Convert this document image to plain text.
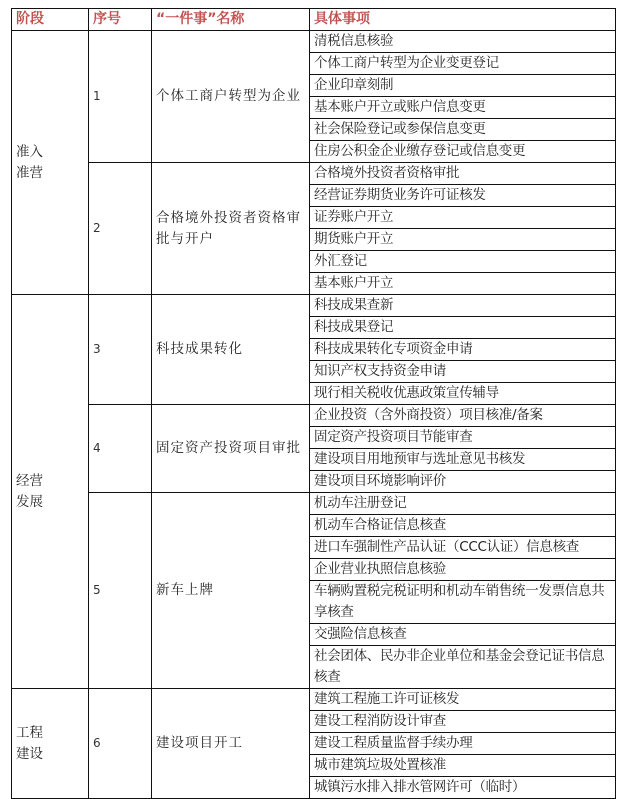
阶段	序号	“一件事”名称	具体事项

准入
准营	1	个体工商户转型为企业	清税信息核验
			个体工商户转型为企业变更登记
			企业印章刻制
			基本账户开立或账户信息变更
			社会保险登记或参保信息变更
			住房公积金企业缴存登记或信息变更
	2	合格境外投资者资格审批与开户	合格境外投资者资格审批
			经营证券期货业务许可证核发
			证券账户开立
			期货账户开立
			外汇登记
			基本账户开立

经营
发展	3	科技成果转化	科技成果查新
			科技成果登记
			科技成果转化专项资金申请
			知识产权支持资金申请
			现行相关税收优惠政策宣传辅导
	4	固定资产投资项目审批	企业投资（含外商投资）项目核准/备案
			固定资产投资项目节能审查
			建设项目用地预审与选址意见书核发
			建设项目环境影响评价
	5	新车上牌	机动车注册登记
			机动车合格证信息核查
			进口车强制性产品认证（CCC认证）信息核查
			企业营业执照信息核验
			车辆购置税完税证明和机动车销售统一发票信息共享核查
			交强险信息核查
			社会团体、民办非企业单位和基金会登记证书信息核查

工程
建设	6	建设项目开工	建筑工程施工许可证核发
			建设工程消防设计审查
			建设工程质量监督手续办理
			城市建筑垃圾处置核准
			城镇污水排入排水管网许可（临时）
